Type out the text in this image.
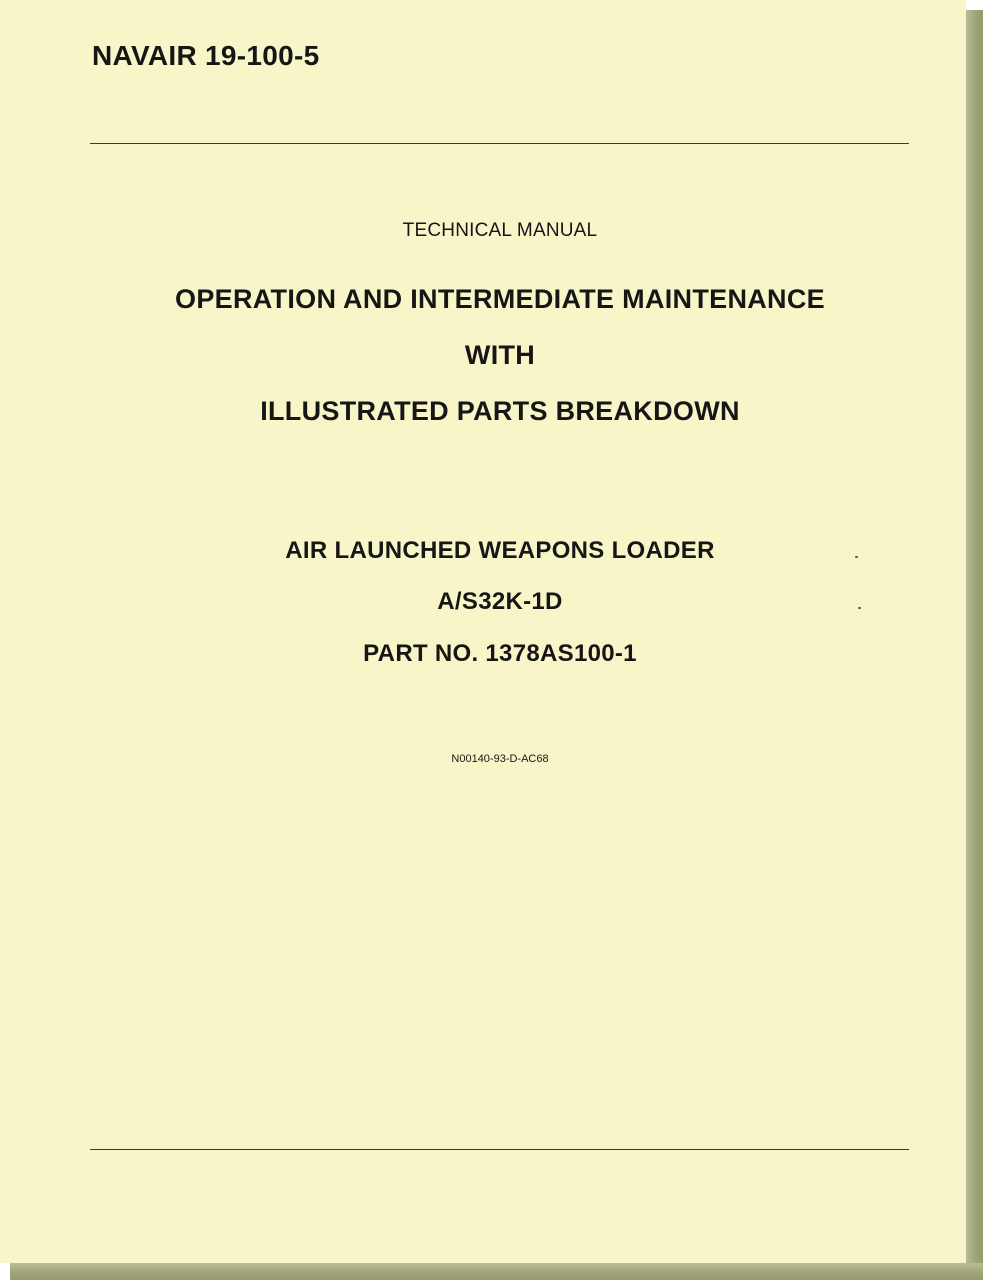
NAVAIR 19-100-5

TECHNICAL MANUAL

OPERATION AND INTERMEDIATE MAINTENANCE

WITH

ILLUSTRATED PARTS BREAKDOWN

AIR LAUNCHED WEAPONS LOADER

A/S32K-1D

PART NO. 1378AS100-1

N00140-93-D-AC68
